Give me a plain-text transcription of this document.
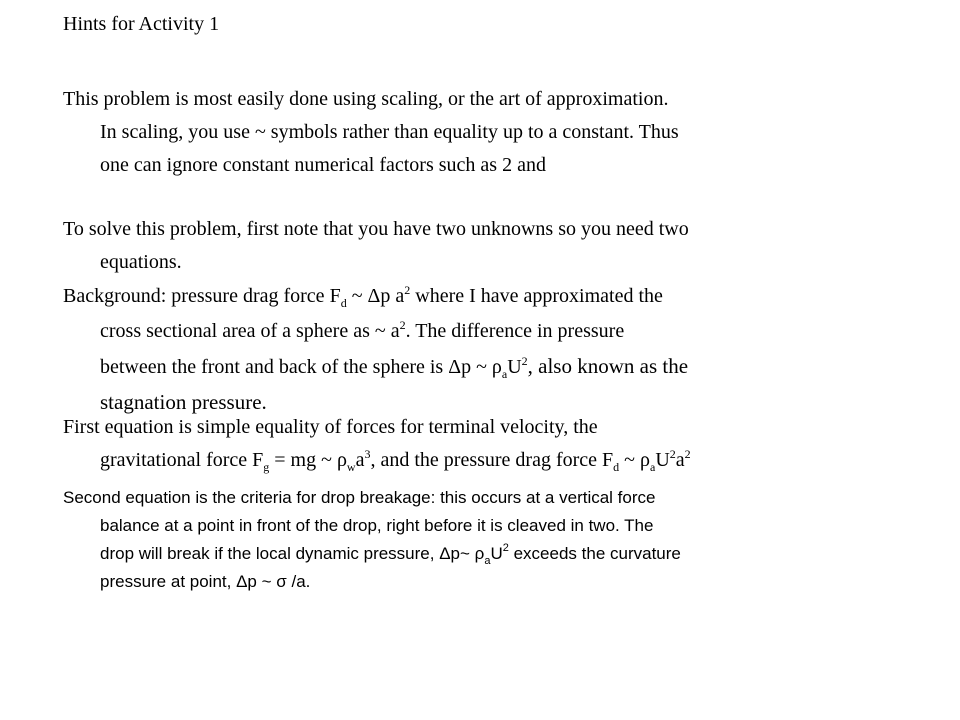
Hints for Activity 1
This problem is most easily done using scaling, or the art of approximation.
In scaling, you use ~ symbols rather than equality up to a constant. Thus
one can ignore constant numerical factors such as 2 and
To solve this problem, first note that you have two unknowns so you need two
equations.
Background: pressure drag force $F_d$ ~ Δp $a^2$ where I have approximated the
cross sectional area of a sphere as ~ $a^2$. The difference in pressure
between the front and back of the sphere is Δp ~ $\rho_aU^2$, also known as the
stagnation pressure.
First equation is simple equality of forces for terminal velocity, the
gravitational force $F_g$ = mg ~ $\rho_wa^3$, and the pressure drag force $F_d$ ~ $\rho_aU^2a^2$
Second equation is the criteria for drop breakage: this occurs at a vertical force
balance at a point in front of the drop, right before it is cleaved in two. The
drop will break if the local dynamic pressure, Δp~ $\rho_aU^2$ exceeds the curvature
pressure at point, Δp ~ σ /a.
